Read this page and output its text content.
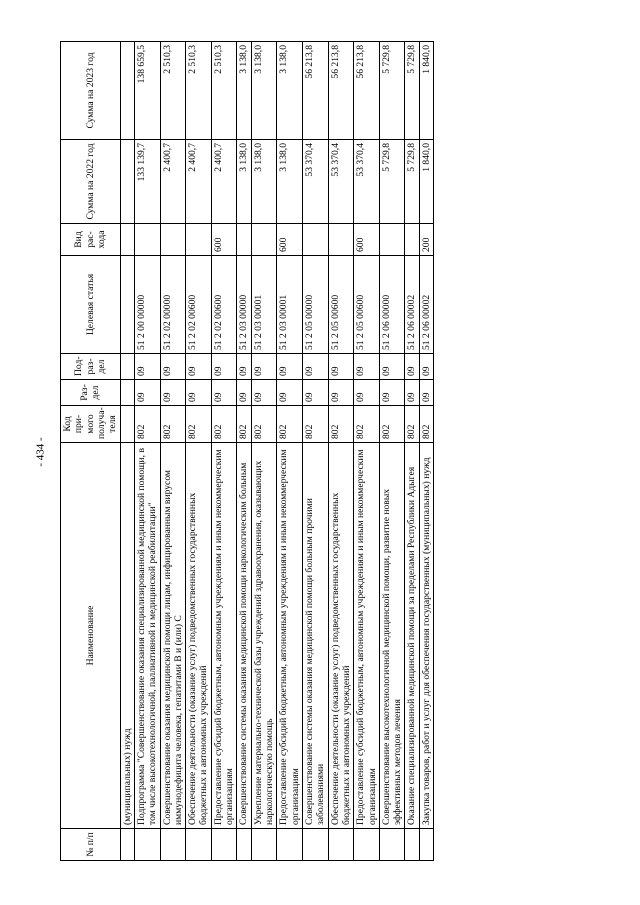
- 434 -
№ п/п	Наименование	Код при-мого получа-теля	Раз-дел	Под-раз-дел	Целевая статья	Вид рас-хода	Сумма на 2022 год	Сумма на 2023 год
	(муниципальных) нужд							
	Подпрограмма "Совершенствование оказания специализированной медицинской помощи, в том числе высокотехнологичной, паллиативной и медицинской реабилитации"	802	09	09	51 2 00 00000		133 139,7	138 659,5
	Совершенствование оказания медицинской помощи лицам, инфицированным вирусом иммунодефицита человека, гепатитами В и (или) С	802	09	09	51 2 02 00000		2 400,7	2 510,3
	Обеспечение деятельности (оказание услуг) подведомственных государственных бюджетных и автономных учреждений	802	09	09	51 2 02 00600		2 400,7	2 510,3
	Предоставление субсидий бюджетным, автономным учреждениям и иным некоммерческим организациям	802	09	09	51 2 02 00600	600	2 400,7	2 510,3
	Совершенствование системы оказания медицинской помощи наркологическим больным	802	09	09	51 2 03 00000		3 138,0	3 138,0
	Укрепление материально-технической базы учреждений здравоохранения, оказывающих наркологическую помощь	802	09	09	51 2 03 00001		3 138,0	3 138,0
	Предоставление субсидий бюджетным, автономным учреждениям и иным некоммерческим организациям	802	09	09	51 2 03 00001	600	3 138,0	3 138,0
	Совершенствование системы оказания медицинской помощи больным прочими заболеваниями	802	09	09	51 2 05 00000		53 370,4	56 213,8
	Обеспечение деятельности (оказание услуг) подведомственных государственных бюджетных и автономных учреждений	802	09	09	51 2 05 00600		53 370,4	56 213,8
	Предоставление субсидий бюджетным, автономным учреждениям и иным некоммерческим организациям	802	09	09	51 2 05 00600	600	53 370,4	56 213,8
	Совершенствование высокотехнологичной медицинской помощи, развитие новых эффективных методов лечения	802	09	09	51 2 06 00000		5 729,8	5 729,8
	Оказание специализированной медицинской помощи за пределами Республики Адыгея	802	09	09	51 2 06 00002		5 729,8	5 729,8
	Закупка товаров, работ и услуг для обеспечения государственных (муниципальных) нужд	802	09	09	51 2 06 00002	200	1 840,0	1 840,0
